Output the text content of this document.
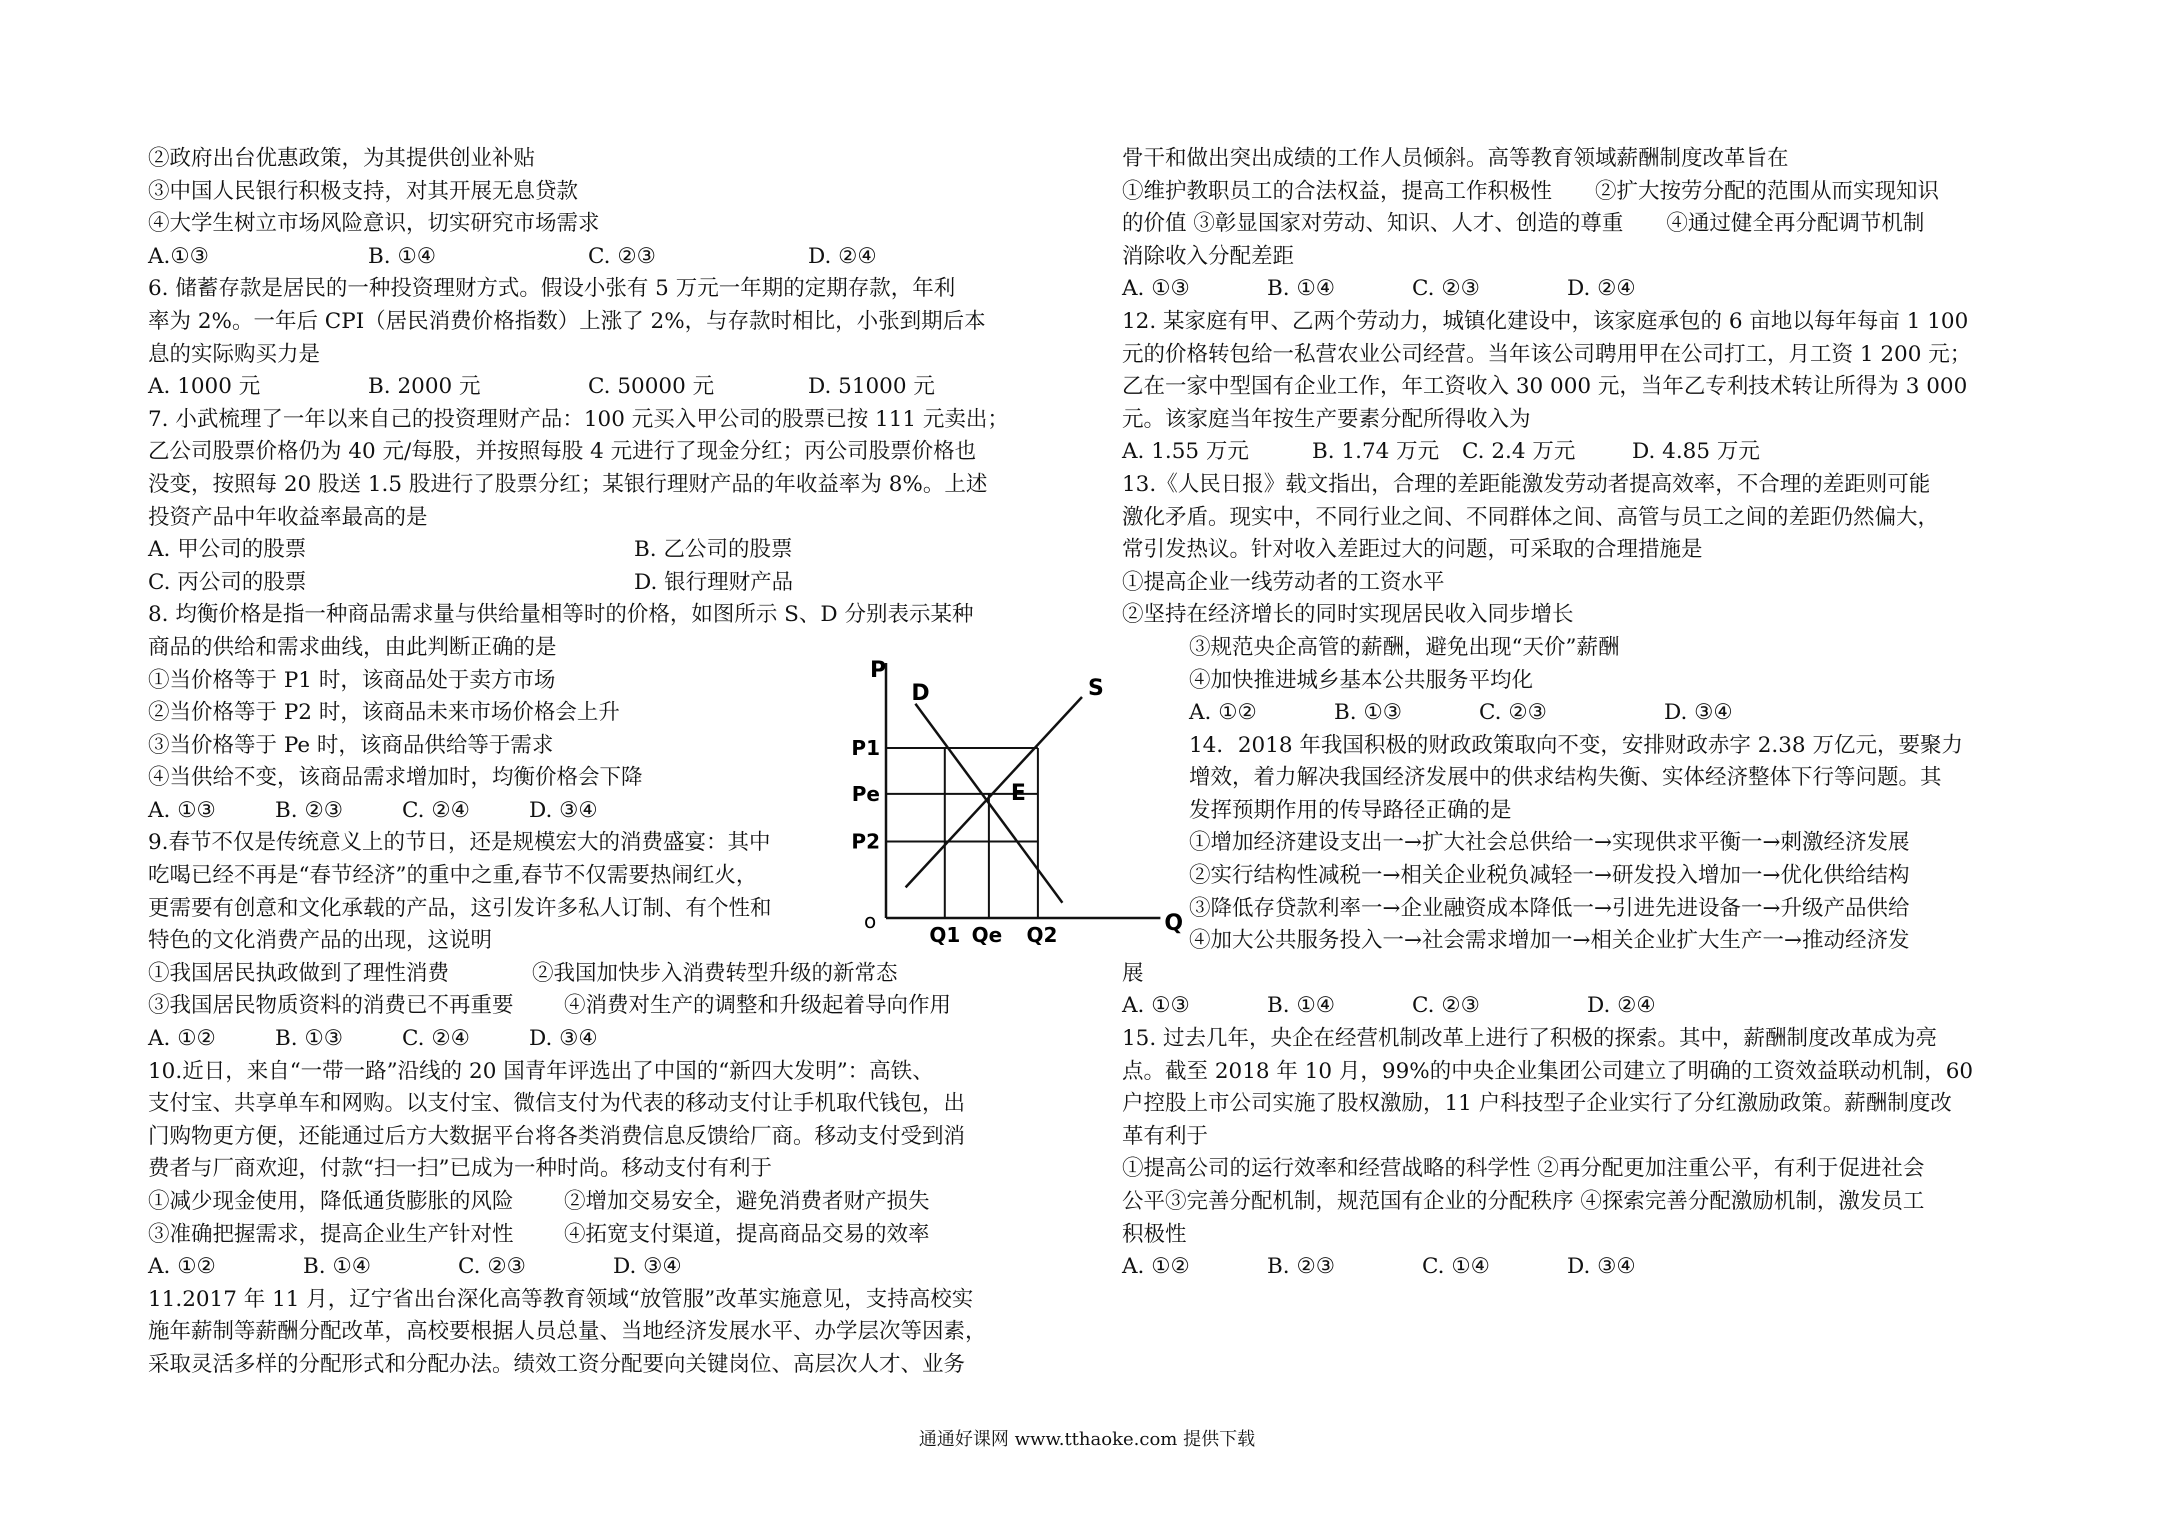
②政府出台优惠政策，为其提供创业补贴
③中国人民银行积极支持，对其开展无息贷款
④大学生树立市场风险意识，切实研究市场需求
A.①③	B. ①④	C. ②③	D. ②④
6. 储蓄存款是居民的一种投资理财方式。假设小张有 5 万元一年期的定期存款，年利
率为 2%。一年后 CPI（居民消费价格指数）上涨了 2%，与存款时相比，小张到期后本
息的实际购买力是
A. 1000 元	B. 2000 元	C. 50000 元	D. 51000 元
7. 小武梳理了一年以来自己的投资理财产品：100 元买入甲公司的股票已按 111 元卖出；
乙公司股票价格仍为 40 元/每股，并按照每股 4 元进行了现金分红；丙公司股票价格也
没变，按照每 20 股送 1.5 股进行了股票分红；某银行理财产品的年收益率为 8%。上述
投资产品中年收益率最高的是
A. 甲公司的股票	B. 乙公司的股票
C. 丙公司的股票	D. 银行理财产品
8. 均衡价格是指一种商品需求量与供给量相等时的价格，如图所示 S、D 分别表示某种
商品的供给和需求曲线，由此判断正确的是
①当价格等于 P1 时，该商品处于卖方市场
②当价格等于 P2 时，该商品未来市场价格会上升
③当价格等于 Pe 时，该商品供给等于需求
④当供给不变，该商品需求增加时，均衡价格会下降
A. ①③	B. ②③	C. ②④	D. ③④
9.春节不仅是传统意义上的节日，还是规模宏大的消费盛宴：其中
吃喝已经不再是“春节经济”的重中之重,春节不仅需要热闹红火，
更需要有创意和文化承载的产品，这引发许多私人订制、有个性和
特色的文化消费产品的出现，这说明
①我国居民执政做到了理性消费	②我国加快步入消费转型升级的新常态
③我国居民物质资料的消费已不再重要	④消费对生产的调整和升级起着导向作用
A. ①②	B. ①③	C. ②④	D. ③④
10.近日，来自“一带一路”沿线的 20 国青年评选出了中国的“新四大发明”：高铁、
支付宝、共享单车和网购。以支付宝、微信支付为代表的移动支付让手机取代钱包，出
门购物更方便，还能通过后方大数据平台将各类消费信息反馈给厂商。移动支付受到消
费者与厂商欢迎，付款“扫一扫”已成为一种时尚。移动支付有利于
①减少现金使用，降低通货膨胀的风险	②增加交易安全，避免消费者财产损失
③准确把握需求，提高企业生产针对性	④拓宽支付渠道，提高商品交易的效率
A. ①②	B. ①④	C. ②③	D. ③④
11.2017 年 11 月，辽宁省出台深化高等教育领域“放管服”改革实施意见，支持高校实
施年薪制等薪酬分配改革，高校要根据人员总量、当地经济发展水平、办学层次等因素，
采取灵活多样的分配形式和分配办法。绩效工资分配要向关键岗位、高层次人才、业务
P
Q
o
D	S
E
P1
Pe
P2
Q1 Qe Q2
骨干和做出突出成绩的工作人员倾斜。高等教育领域薪酬制度改革旨在
①维护教职员工的合法权益，提高工作积极性　　②扩大按劳分配的范围从而实现知识
的价值 ③彰显国家对劳动、知识、人才、创造的尊重　　④通过健全再分配调节机制
消除收入分配差距
A. ①③	B. ①④	C. ②③	D. ②④
12. 某家庭有甲、乙两个劳动力，城镇化建设中，该家庭承包的 6 亩地以每年每亩 1 100
元的价格转包给一私营农业公司经营。当年该公司聘用甲在公司打工，月工资 1 200 元；
乙在一家中型国有企业工作，年工资收入 30 000 元，当年乙专利技术转让所得为 3 000
元。该家庭当年按生产要素分配所得收入为
A. 1.55 万元	B. 1.74 万元	C. 2.4 万元	D. 4.85 万元
13.《人民日报》载文指出，合理的差距能激发劳动者提高效率，不合理的差距则可能
激化矛盾。现实中，不同行业之间、不同群体之间、高管与员工之间的差距仍然偏大，
常引发热议。针对收入差距过大的问题，可采取的合理措施是
①提高企业一线劳动者的工资水平
②坚持在经济增长的同时实现居民收入同步增长
③规范央企高管的薪酬，避免出现“天价”薪酬
④加快推进城乡基本公共服务平均化
A. ①②	B. ①③	C. ②③	D. ③④
14．2018 年我国积极的财政政策取向不变，安排财政赤字 2.38 万亿元，要聚力
增效，着力解决我国经济发展中的供求结构失衡、实体经济整体下行等问题。其
发挥预期作用的传导路径正确的是
①增加经济建设支出一→扩大社会总供给一→实现供求平衡一→刺激经济发展
②实行结构性减税一→相关企业税负减轻一→研发投入增加一→优化供给结构
③降低存贷款利率一→企业融资成本降低一→引进先进设备一→升级产品供给
④加大公共服务投入一→社会需求增加一→相关企业扩大生产一→推动经济发
展
A. ①③	B. ①④	C. ②③	D. ②④
15. 过去几年，央企在经营机制改革上进行了积极的探索。其中，薪酬制度改革成为亮
点。截至 2018 年 10 月，99%的中央企业集团公司建立了明确的工资效益联动机制，60
户控股上市公司实施了股权激励，11 户科技型子企业实行了分红激励政策。薪酬制度改
革有利于
①提高公司的运行效率和经营战略的科学性 ②再分配更加注重公平，有利于促进社会
公平③完善分配机制，规范国有企业的分配秩序 ④探索完善分配激励机制，激发员工
积极性
A. ①②	B. ②③	C. ①④	D. ③④
通通好课网 www.tthaoke.com 提供下载
